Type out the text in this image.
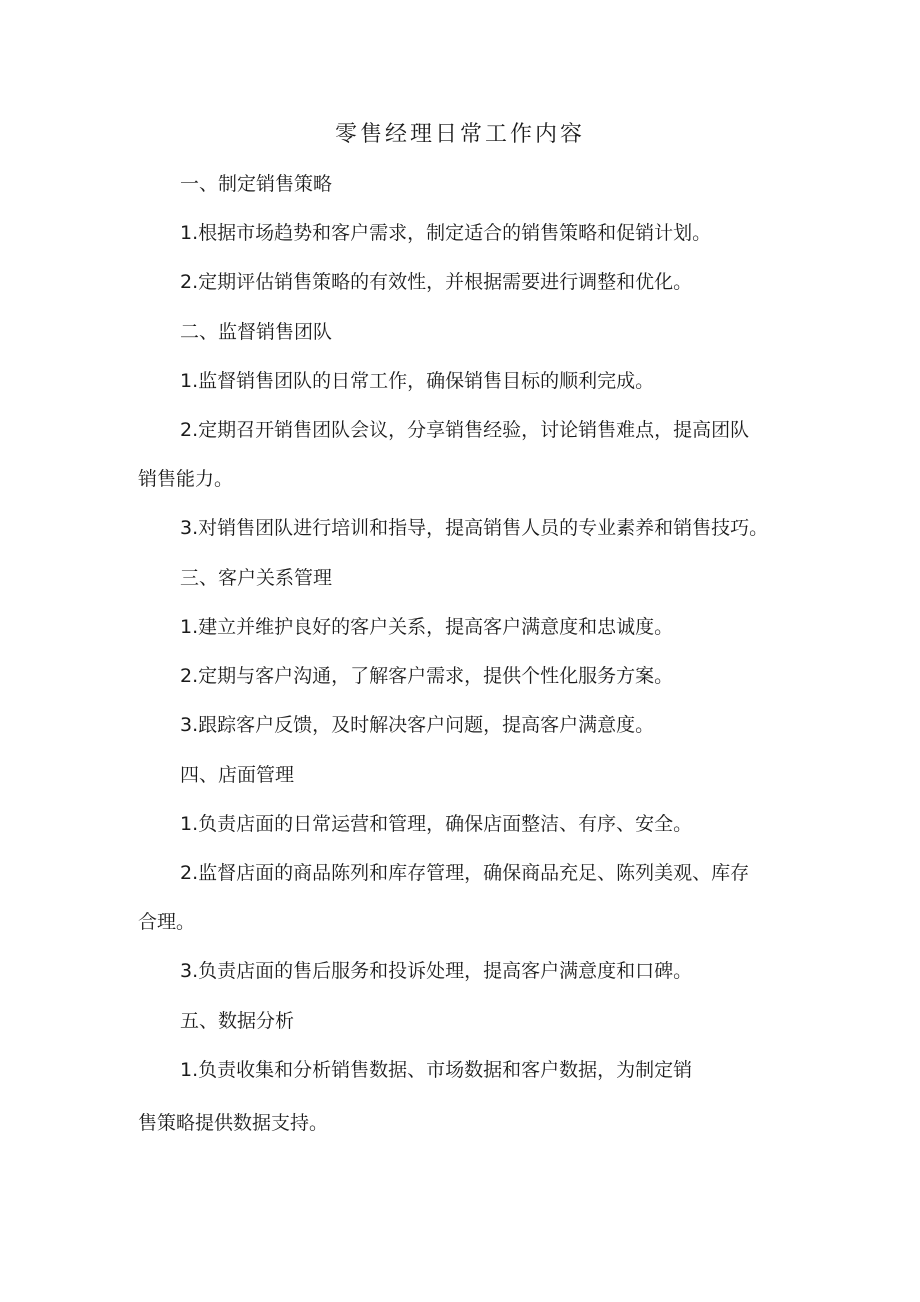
零售经理日常工作内容
一、制定销售策略
1.根据市场趋势和客户需求，制定适合的销售策略和促销计划。
2.定期评估销售策略的有效性，并根据需要进行调整和优化。
二、监督销售团队
1.监督销售团队的日常工作，确保销售目标的顺利完成。
2.定期召开销售团队会议，分享销售经验，讨论销售难点，提高团队
销售能力。
3.对销售团队进行培训和指导，提高销售人员的专业素养和销售技巧。
三、客户关系管理
1.建立并维护良好的客户关系，提高客户满意度和忠诚度。
2.定期与客户沟通，了解客户需求，提供个性化服务方案。
3.跟踪客户反馈，及时解决客户问题，提高客户满意度。
四、店面管理
1.负责店面的日常运营和管理，确保店面整洁、有序、安全。
2.监督店面的商品陈列和库存管理，确保商品充足、陈列美观、库存
合理。
3.负责店面的售后服务和投诉处理，提高客户满意度和口碑。
五、数据分析
1.负责收集和分析销售数据、市场数据和客户数据，为制定销
售策略提供数据支持。
